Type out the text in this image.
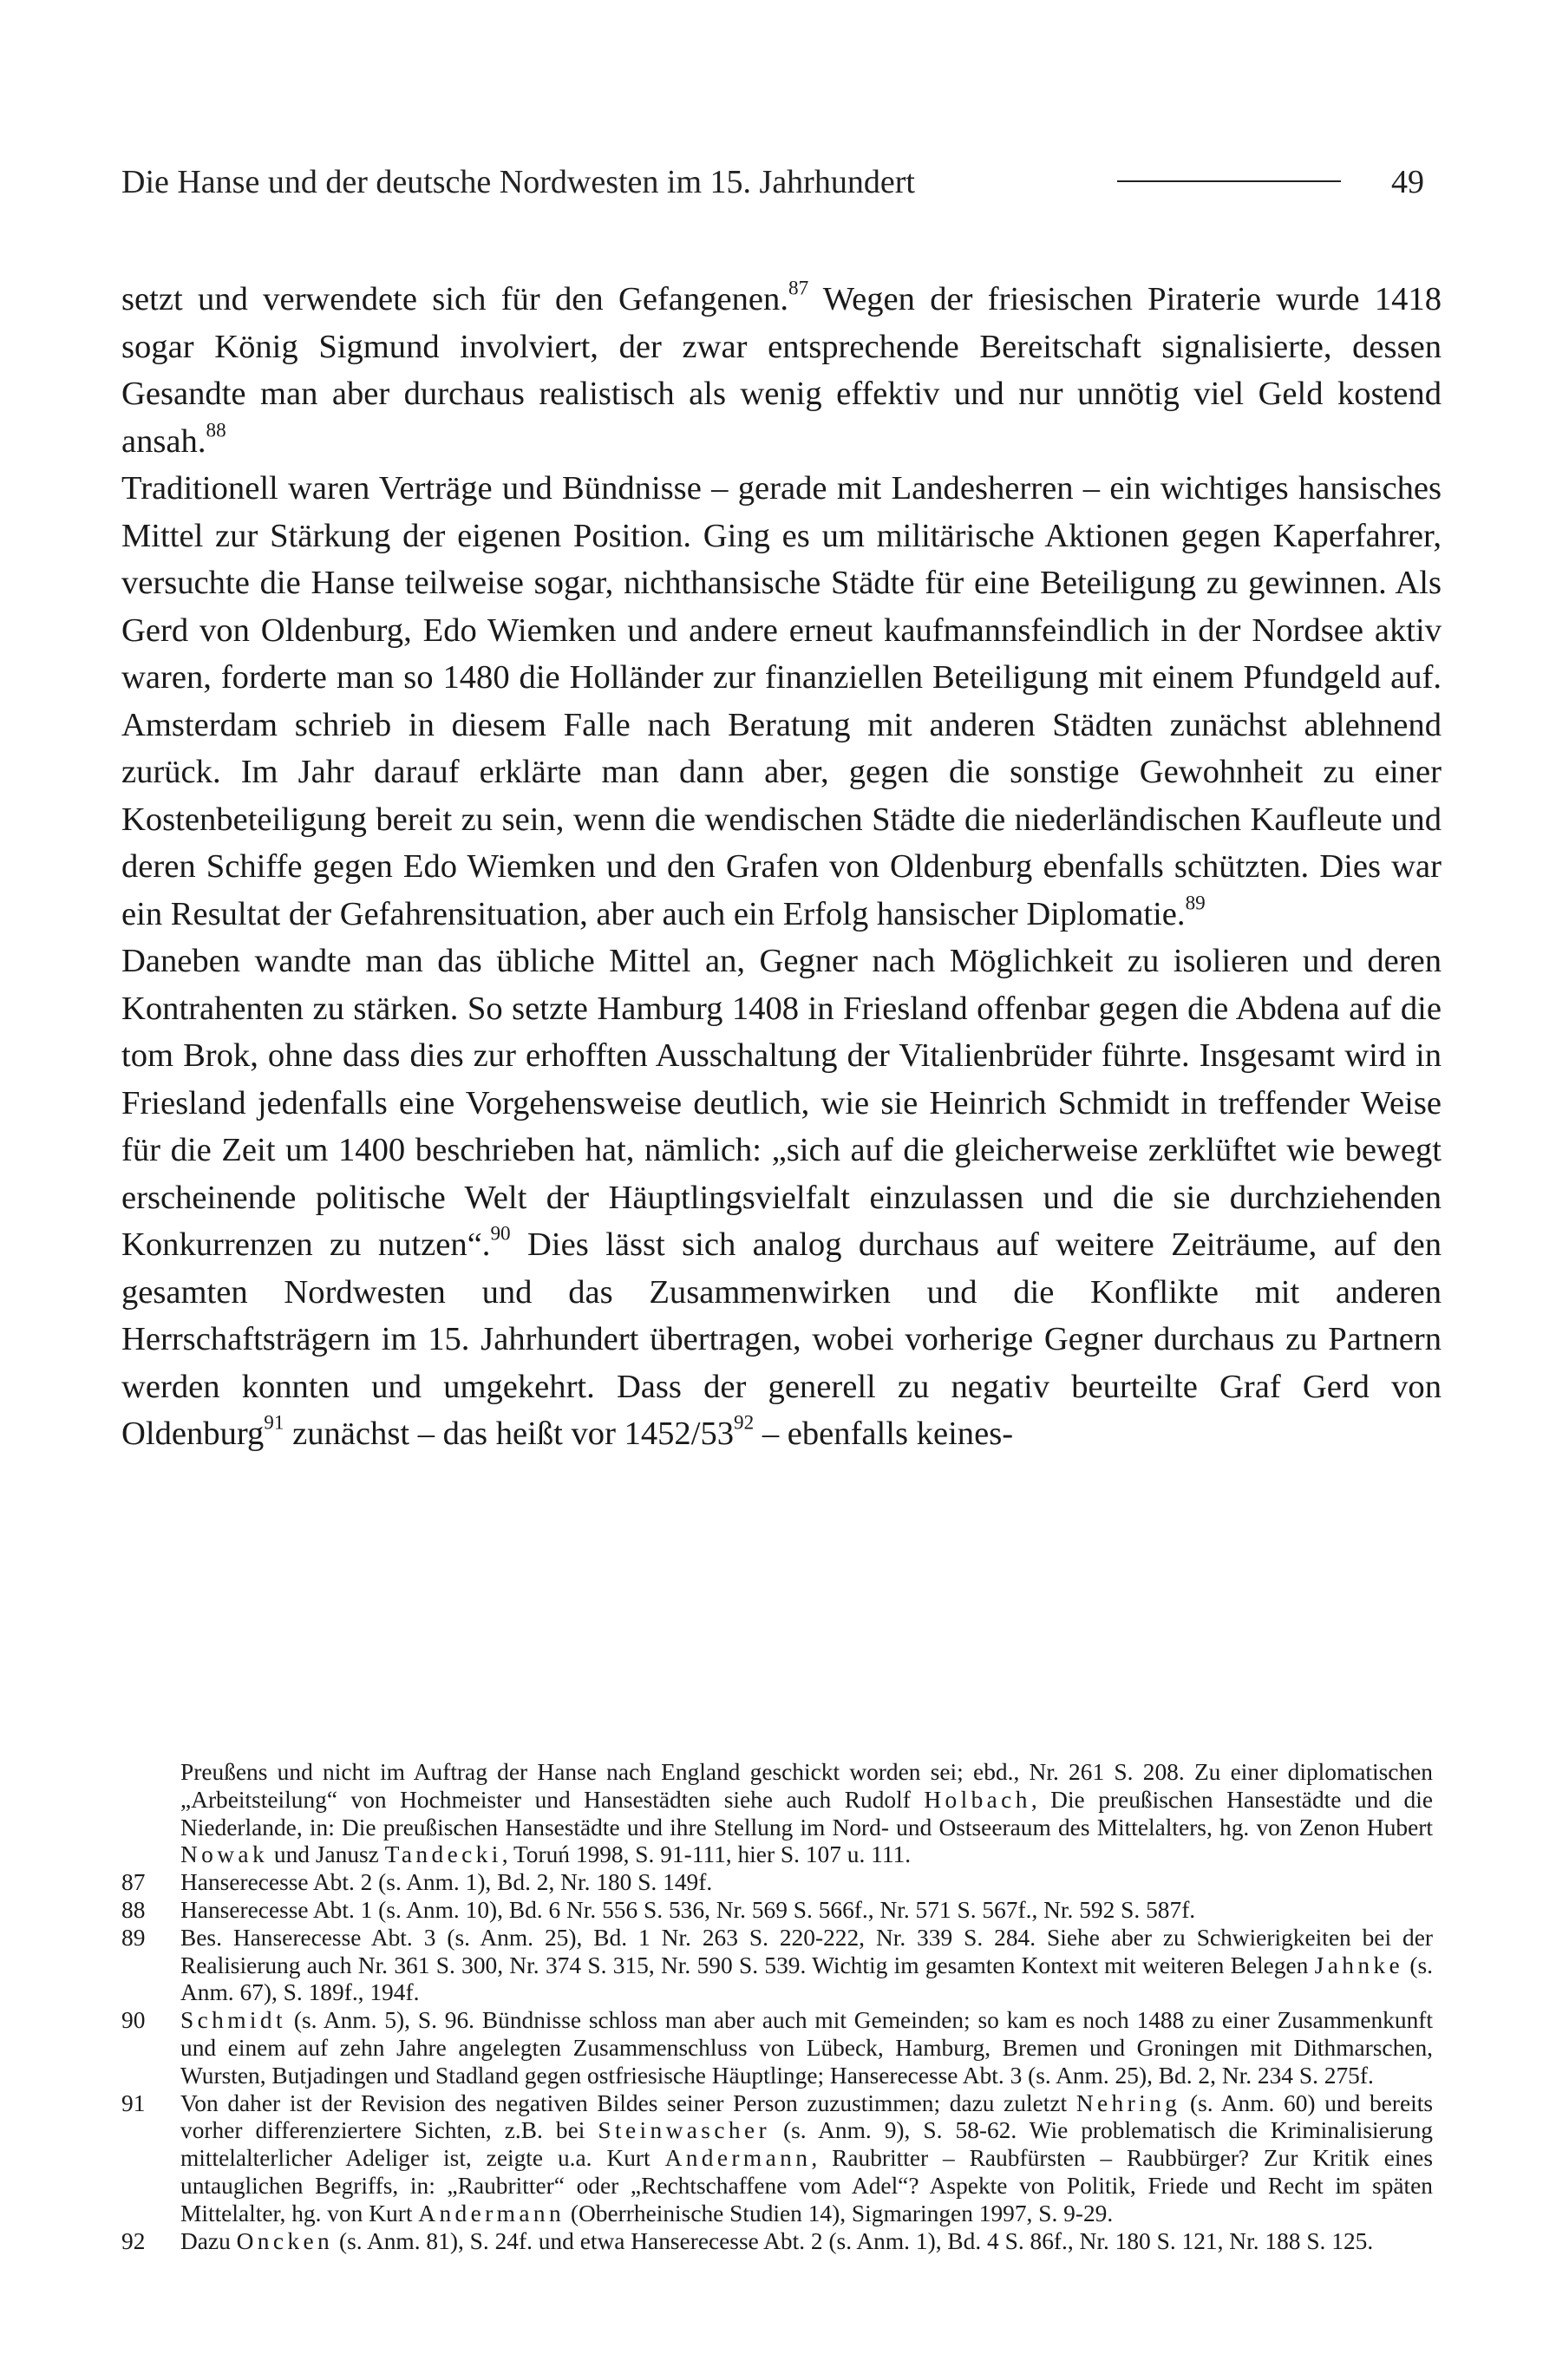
Die Hanse und der deutsche Nordwesten im 15. Jahrhundert	49

setzt und verwendete sich für den Gefangenen.$^{87}$ Wegen der friesischen Piraterie wurde 1418 sogar König Sigmund involviert, der zwar entsprechende Bereitschaft signalisierte, dessen Gesandte man aber durchaus realistisch als wenig effektiv und nur unnötig viel Geld kostend ansah.$^{88}$

Traditionell waren Verträge und Bündnisse – gerade mit Landesherren – ein wichtiges hansisches Mittel zur Stärkung der eigenen Position. Ging es um militärische Aktionen gegen Kaperfahrer, versuchte die Hanse teilweise sogar, nichthansische Städte für eine Beteiligung zu gewinnen. Als Gerd von Oldenburg, Edo Wiemken und andere erneut kaufmannsfeindlich in der Nordsee aktiv waren, forderte man so 1480 die Holländer zur finanziellen Beteiligung mit einem Pfundgeld auf. Amsterdam schrieb in diesem Falle nach Beratung mit anderen Städten zunächst ablehnend zurück. Im Jahr darauf erklärte man dann aber, gegen die sonstige Gewohnheit zu einer Kostenbeteiligung bereit zu sein, wenn die wendischen Städte die niederländischen Kaufleute und deren Schiffe gegen Edo Wiemken und den Grafen von Oldenburg ebenfalls schützten. Dies war ein Resultat der Gefahrensituation, aber auch ein Erfolg hansischer Diplomatie.$^{89}$

Daneben wandte man das übliche Mittel an, Gegner nach Möglichkeit zu isolieren und deren Kontrahenten zu stärken. So setzte Hamburg 1408 in Friesland offenbar gegen die Abdena auf die tom Brok, ohne dass dies zur erhofften Ausschaltung der Vitalienbrüder führte. Insgesamt wird in Friesland jedenfalls eine Vorgehensweise deutlich, wie sie Heinrich Schmidt in treffender Weise für die Zeit um 1400 beschrieben hat, nämlich: „sich auf die gleicherweise zerklüftet wie bewegt erscheinende politische Welt der Häuptlingsvielfalt einzulassen und die sie durchziehenden Konkurrenzen zu nutzen“.$^{90}$ Dies lässt sich analog durchaus auf weitere Zeiträume, auf den gesamten Nordwesten und das Zusammenwirken und die Konflikte mit anderen Herrschaftsträgern im 15. Jahrhundert übertragen, wobei vorherige Gegner durchaus zu Partnern werden konnten und umgekehrt. Dass der generell zu negativ beurteilte Graf Gerd von Oldenburg$^{91}$ zunächst – das heißt vor $1452/53^{92}$ – ebenfalls keines-

Preußens und nicht im Auftrag der Hanse nach England geschickt worden sei; ebd., Nr. 261 S. 208. Zu einer diplomatischen „Arbeitsteilung“ von Hochmeister und Hansestädten siehe auch Rudolf Holbach, Die preußischen Hansestädte und die Niederlande, in: Die preußischen Hansestädte und ihre Stellung im Nord- und Ostseeraum des Mittelalters, hg. von Zenon Hubert Nowak und Janusz Tandecki, Toruń 1998, S. 91-111, hier S. 107 u. 111.

87 Hanserecesse Abt. 2 (s. Anm. 1), Bd. 2, Nr. 180 S. 149f.

88 Hanserecesse Abt. 1 (s. Anm. 10), Bd. 6 Nr. 556 S. 536, Nr. 569 S. 566f., Nr. 571 S. 567f., Nr. 592 S. 587f.

89 Bes. Hanserecesse Abt. 3 (s. Anm. 25), Bd. 1 Nr. 263 S. 220-222, Nr. 339 S. 284. Siehe aber zu Schwierigkeiten bei der Realisierung auch Nr. 361 S. 300, Nr. 374 S. 315, Nr. 590 S. 539. Wichtig im gesamten Kontext mit weiteren Belegen Jahnke (s. Anm. 67), S. 189f., 194f.

90 Schmidt (s. Anm. 5), S. 96. Bündnisse schloss man aber auch mit Gemeinden; so kam es noch 1488 zu einer Zusammenkunft und einem auf zehn Jahre angelegten Zusammenschluss von Lübeck, Hamburg, Bremen und Groningen mit Dithmarschen, Wursten, Butjadingen und Stadland gegen ostfriesische Häuptlinge; Hanserecesse Abt. 3 (s. Anm. 25), Bd. 2, Nr. 234 S. 275f.

91 Von daher ist der Revision des negativen Bildes seiner Person zuzustimmen; dazu zuletzt Nehring (s. Anm. 60) und bereits vorher differenziertere Sichten, z.B. bei Steinwascher (s. Anm. 9), S. 58-62. Wie problematisch die Kriminalisierung mittelalterlicher Adeliger ist, zeigte u.a. Kurt Andermann, Raubritter – Raubfürsten – Raubbürger? Zur Kritik eines untauglichen Begriffs, in: „Raubritter“ oder „Rechtschaffene vom Adel“? Aspekte von Politik, Friede und Recht im späten Mittelalter, hg. von Kurt Andermann (Oberrheinische Studien 14), Sigmaringen 1997, S. 9-29.

92 Dazu Oncken (s. Anm. 81), S. 24f. und etwa Hanserecesse Abt. 2 (s. Anm. 1), Bd. 4 S. 86f., Nr. 180 S. 121, Nr. 188 S. 125.
